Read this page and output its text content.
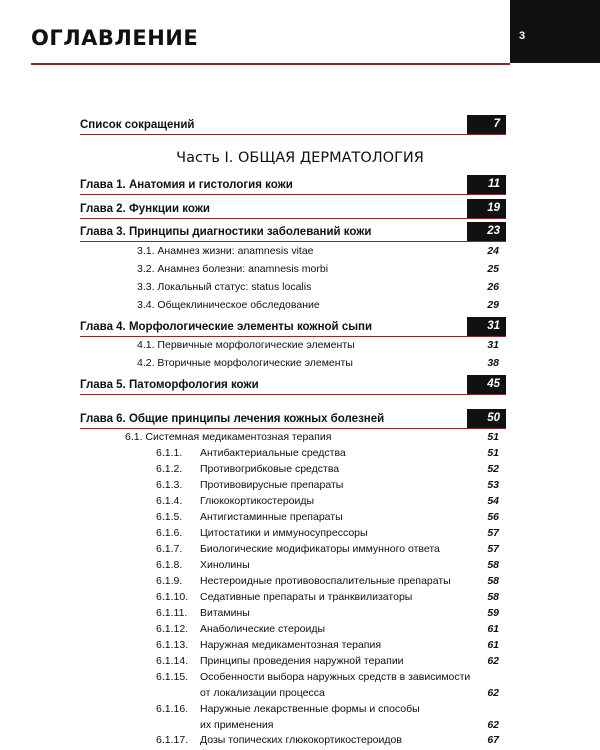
ОГЛАВЛЕНИЕ	3
Список сокращений	7
Часть I. ОБЩАЯ ДЕРМАТОЛОГИЯ
Глава 1. Анатомия и гистология кожи	11
Глава 2. Функции кожи	19
Глава 3. Принципы диагностики заболеваний кожи	23
3.1. Анамнез жизни: anamnesis vitae	24
3.2. Анамнез болезни: anamnesis morbi	25
3.3. Локальный статус: status localis	26
3.4. Общеклиническое обследование	29
Глава 4. Морфологические элементы кожной сыпи	31
4.1. Первичные морфологические элементы	31
4.2. Вторичные морфологические элементы	38
Глава 5. Патоморфология кожи	45
Глава 6. Общие принципы лечения кожных болезней	50
6.1. Системная медикаментозная терапия	51
6.1.1. Антибактериальные средства	51
6.1.2. Противогрибковые средства	52
6.1.3. Противовирусные препараты	53
6.1.4. Глюкокортикостероиды	54
6.1.5. Антигистаминные препараты	56
6.1.6. Цитостатики и иммуносупрессоры	57
6.1.7. Биологические модификаторы иммунного ответа	57
6.1.8. Хинолины	58
6.1.9. Нестероидные противовоспалительные препараты	58
6.1.10. Седативные препараты и транквилизаторы	58
6.1.11. Витамины	59
6.1.12. Анаболические стероиды	61
6.1.13. Наружная медикаментозная терапия	61
6.1.14. Принципы проведения наружной терапии	62
6.1.15. Особенности выбора наружных средств в зависимости
от локализации процесса	62
6.1.16. Наружные лекарственные формы и способы
их применения	62
6.1.17. Дозы топических глюкокортикостероидов	67
